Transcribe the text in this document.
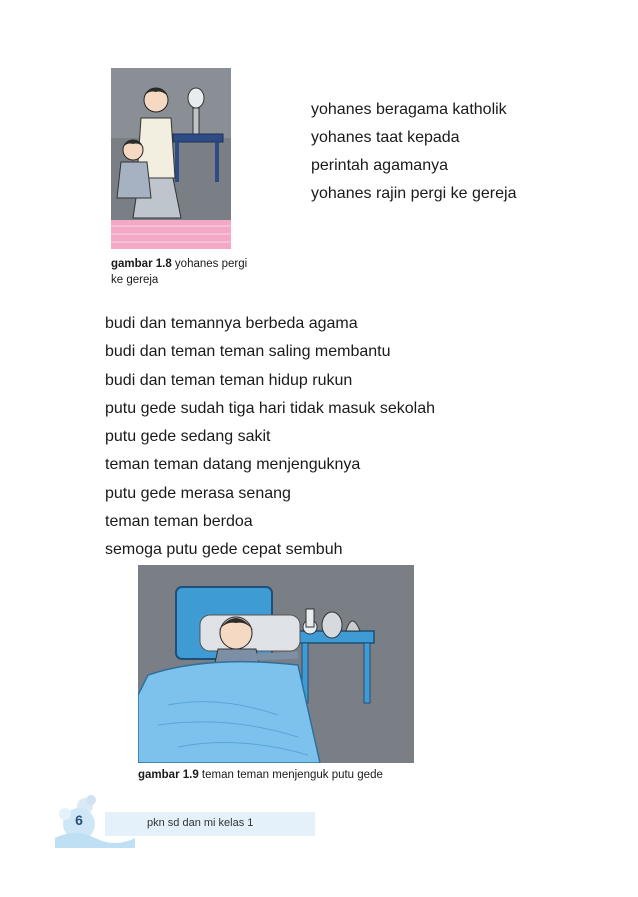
gambar 1.8 yohanes pergi ke gereja
yohanes beragama katholik
yohanes taat kepada
perintah agamanya
yohanes rajin pergi ke gereja
budi dan temannya berbeda agama
budi dan teman teman saling membantu
budi dan teman teman hidup rukun
putu gede sudah tiga hari tidak masuk sekolah
putu gede sedang sakit
teman teman datang menjenguknya
putu gede merasa senang
teman teman berdoa
semoga putu gede cepat sembuh
gambar 1.9 teman teman menjenguk putu gede
6	pkn sd dan mi kelas 1
